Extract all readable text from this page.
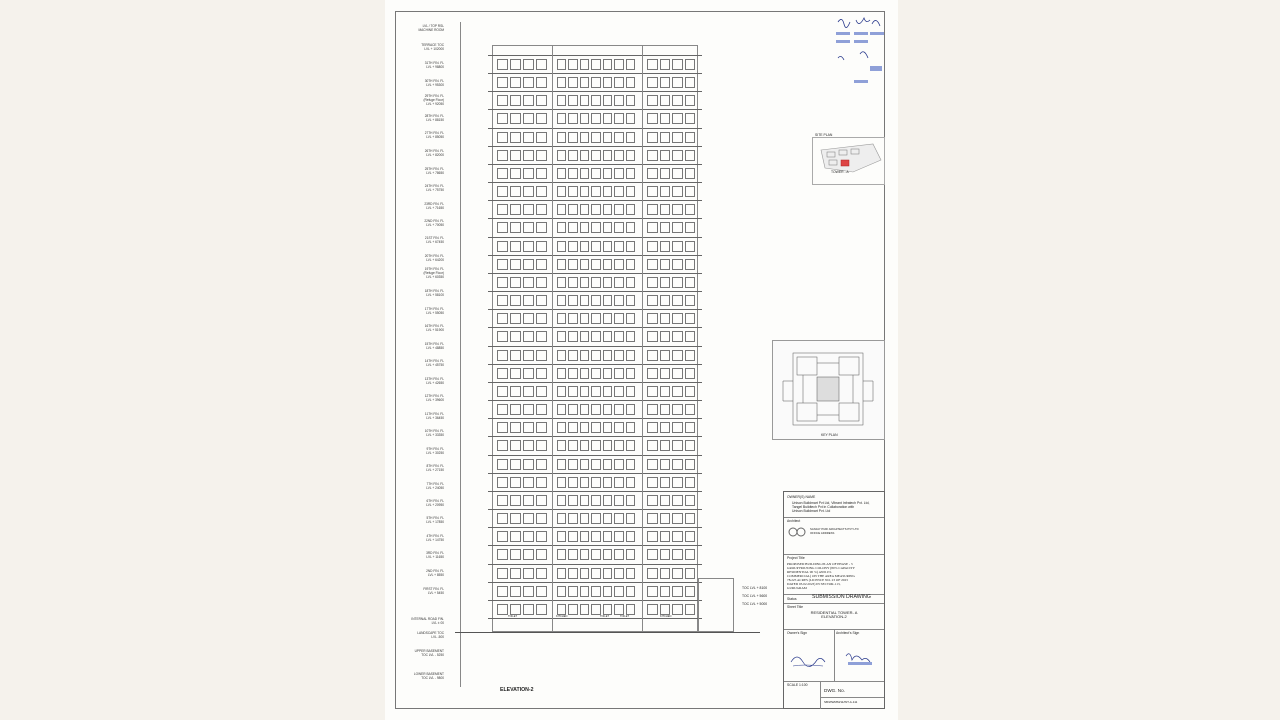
LVL / TOP RSL
MACHINE ROOM
TERRACE TOC
LVL + 102000
31TH FIN. FL
LVL + 98800
30TH FIN. FL
LVL + 95300
29TH FIN. FL
(Refuge Floor)
LVL + 92050
28TH FIN. FL
LVL + 88150
27TH FIN. FL
LVL + 85050
26TH FIN. FL
LVL + 82000
25TH FIN. FL
LVL + 78650
24TH FIN. FL
LVL + 75750
23RD FIN. FL
LVL + 71650
22ND FIN. FL
LVL + 70050
21ST FIN. FL
LVL + 67450
20TH FIN. FL
LVL + 64200
19TH FIN. FL
(Refuge Floor)
LVL + 60350
18TH FIN. FL
LVL + 58100
17TH FIN. FL
LVL + 55050
16TH FIN. FL
LVL + 51900
15TH FIN. FL
LVL + 48850
14TH FIN. FL
LVL + 45750
13TH FIN. FL
LVL + 42650
12TH FIN. FL
LVL + 39600
11TH FIN. FL
LVL + 36450
10TH FIN. FL
LVL + 33350
9TH FIN. FL
LVL + 30250
8TH FIN. FL
LVL + 27150
7TH FIN. FL
LVL + 24050
6TH FIN. FL
LVL + 20950
5TH FIN. FL
LVL + 17850
4TH FIN. FL
LVL + 14750
3RD FIN. FL
LVL + 11650
2ND FIN. FL
LVL + 8550
FIRST FIN. FL
LVL + 5450
INTERNAL ROAD FIN.
LVL ± 00
LANDSCAPE TOC
LVL -500
UPPER BASEMENT
TOC LVL - 5250
LOWER BASEMENT
TOC LVL - 9800
TOILET	KITCHEN	TOILET	TOILET	KITCHEN
TOC LVL + 8100
TOC LVL + 5600
TOC LVL + 5000
ELEVATION-2
SITE PLAN
TOWER - A
KEY PLAN
OWNER(S) NAME
Unison Buildmart Pvt Ltd, Vibrant Infratech Pvt. Ltd,
Tangel Buildtech Pvt in Collaboration with
Unison Buildmart Pvt. Ltd
Architect
SANJAY PURI ARCHITECTS PVT LTD
OFFICE ADDRESS
Project Title
PROPOSED BUILDING PLAN OF PHASE - 3
GROUP HOUSING COLONY (80% CAPACITY
RESIDENTIAL 90 %) AND 4%
COMMERCIAL) ON THE AREA MEASURING
78.225 ACRES (LICENCE NO. 23 OF 2023
DATED 03.02.2023) IN SECTOR-113,
GURUGRAM
Status	SUBMISSION DRAWING
Sheet Title
RESIDENTIAL TOWER- A
ELEVATION-2
Owner's Sign	Architect's Sign
SCALE 1:100
DWG. No.
SB/WWMM/11/WT-A-111
